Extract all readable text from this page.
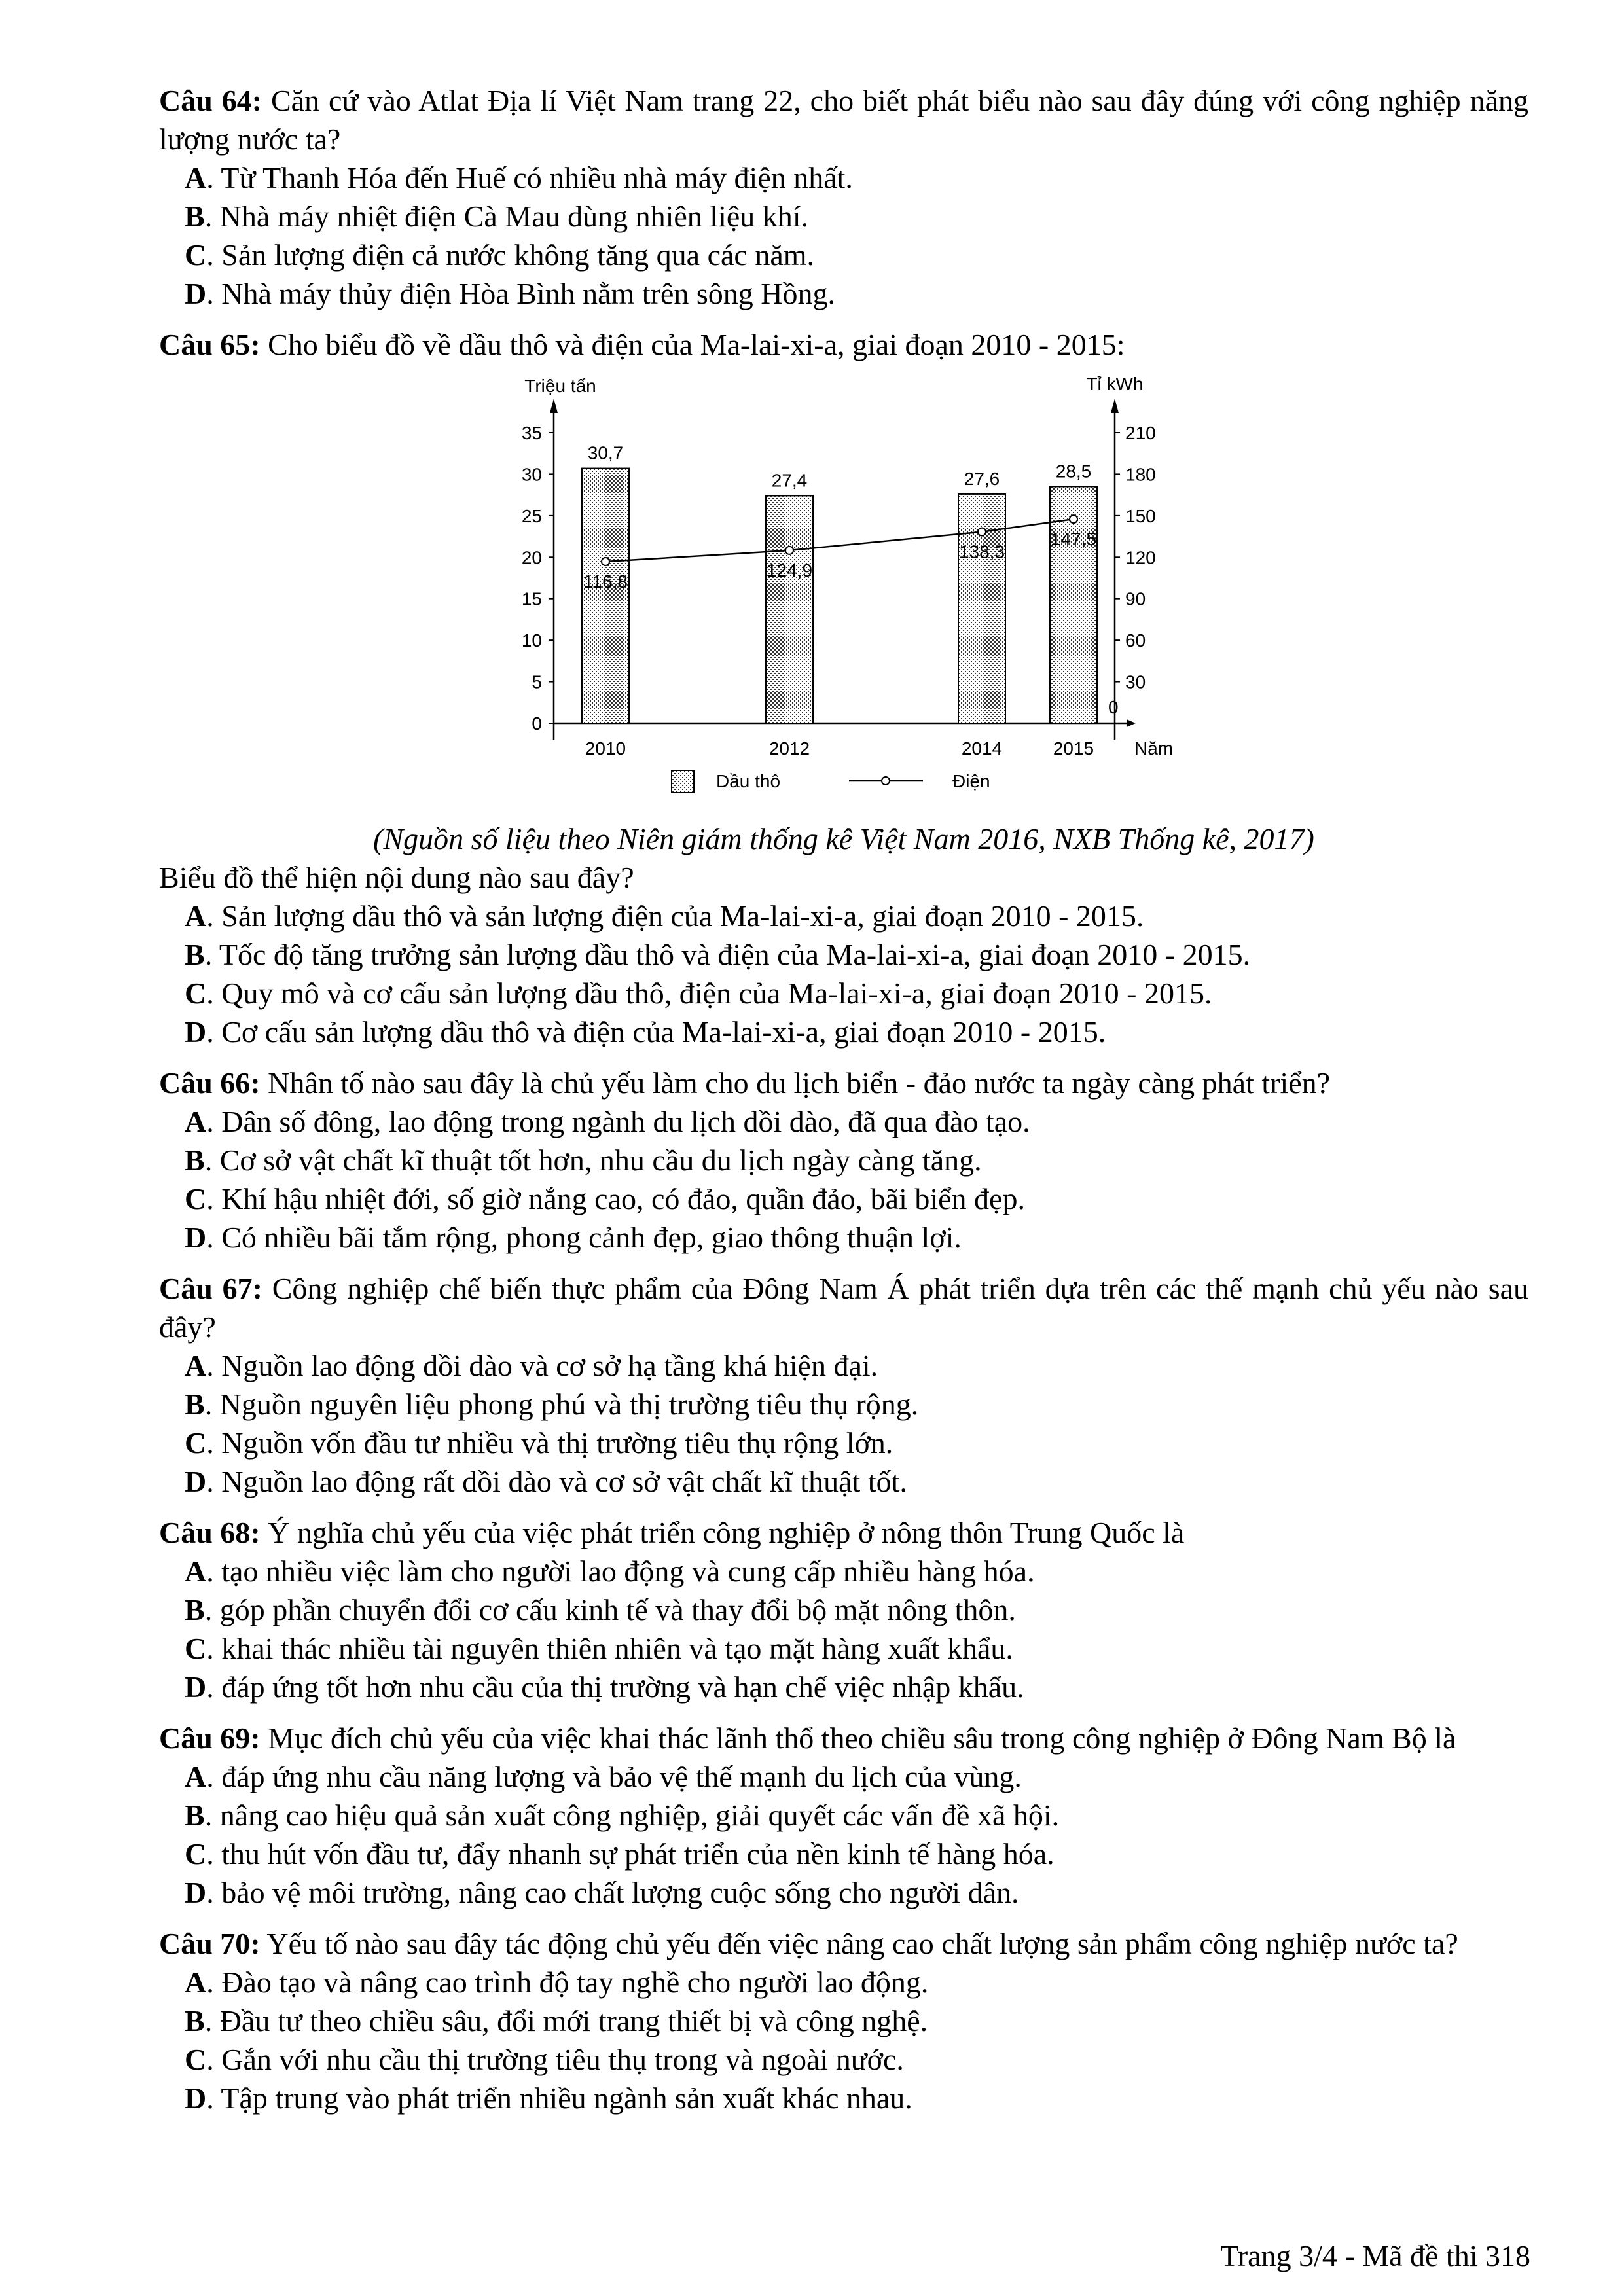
Câu 64: Căn cứ vào Atlat Địa lí Việt Nam trang 22, cho biết phát biểu nào sau đây đúng với công nghiệp năng lượng nước ta?
A. Từ Thanh Hóa đến Huế có nhiều nhà máy điện nhất.
B. Nhà máy nhiệt điện Cà Mau dùng nhiên liệu khí.
C. Sản lượng điện cả nước không tăng qua các năm.
D. Nhà máy thủy điện Hòa Bình nằm trên sông Hồng.
Câu 65: Cho biểu đồ về dầu thô và điện của Ma-lai-xi-a, giai đoạn 2010 - 2015:
(Nguồn số liệu theo Niên giám thống kê Việt Nam 2016, NXB Thống kê, 2017)
Biểu đồ thể hiện nội dung nào sau đây?
A. Sản lượng dầu thô và sản lượng điện của Ma-lai-xi-a, giai đoạn 2010 - 2015.
B. Tốc độ tăng trưởng sản lượng dầu thô và điện của Ma-lai-xi-a, giai đoạn 2010 - 2015.
C. Quy mô và cơ cấu sản lượng dầu thô, điện của Ma-lai-xi-a, giai đoạn 2010 - 2015.
D. Cơ cấu sản lượng dầu thô và điện của Ma-lai-xi-a, giai đoạn 2010 - 2015.
Câu 66: Nhân tố nào sau đây là chủ yếu làm cho du lịch biển - đảo nước ta ngày càng phát triển?
A. Dân số đông, lao động trong ngành du lịch dồi dào, đã qua đào tạo.
B. Cơ sở vật chất kĩ thuật tốt hơn, nhu cầu du lịch ngày càng tăng.
C. Khí hậu nhiệt đới, số giờ nắng cao, có đảo, quần đảo, bãi biển đẹp.
D. Có nhiều bãi tắm rộng, phong cảnh đẹp, giao thông thuận lợi.
Câu 67: Công nghiệp chế biến thực phẩm của Đông Nam Á phát triển dựa trên các thế mạnh chủ yếu nào sau đây?
A. Nguồn lao động dồi dào và cơ sở hạ tầng khá hiện đại.
B. Nguồn nguyên liệu phong phú và thị trường tiêu thụ rộng.
C. Nguồn vốn đầu tư nhiều và thị trường tiêu thụ rộng lớn.
D. Nguồn lao động rất dồi dào và cơ sở vật chất kĩ thuật tốt.
Câu 68: Ý nghĩa chủ yếu của việc phát triển công nghiệp ở nông thôn Trung Quốc là
A. tạo nhiều việc làm cho người lao động và cung cấp nhiều hàng hóa.
B. góp phần chuyển đổi cơ cấu kinh tế và thay đổi bộ mặt nông thôn.
C. khai thác nhiều tài nguyên thiên nhiên và tạo mặt hàng xuất khẩu.
D. đáp ứng tốt hơn nhu cầu của thị trường và hạn chế việc nhập khẩu.
Câu 69: Mục đích chủ yếu của việc khai thác lãnh thổ theo chiều sâu trong công nghiệp ở Đông Nam Bộ là
A. đáp ứng nhu cầu năng lượng và bảo vệ thế mạnh du lịch của vùng.
B. nâng cao hiệu quả sản xuất công nghiệp, giải quyết các vấn đề xã hội.
C. thu hút vốn đầu tư, đẩy nhanh sự phát triển của nền kinh tế hàng hóa.
D. bảo vệ môi trường, nâng cao chất lượng cuộc sống cho người dân.
Câu 70: Yếu tố nào sau đây tác động chủ yếu đến việc nâng cao chất lượng sản phẩm công nghiệp nước ta?
A. Đào tạo và nâng cao trình độ tay nghề cho người lao động.
B. Đầu tư theo chiều sâu, đổi mới trang thiết bị và công nghệ.
C. Gắn với nhu cầu thị trường tiêu thụ trong và ngoài nước.
D. Tập trung vào phát triển nhiều ngành sản xuất khác nhau.
Triệu tấn	Tỉ kWh
0
5
10
15
20
25
30
35
0
30
60
90
120
150
180
210
30,7
2010
27,4
2012
27,6
2014
28,5
2015 Năm
116,8
124,9
138,3
147,5
Dầu thô	Điện
Trang 3/4 - Mã đề thi 318
